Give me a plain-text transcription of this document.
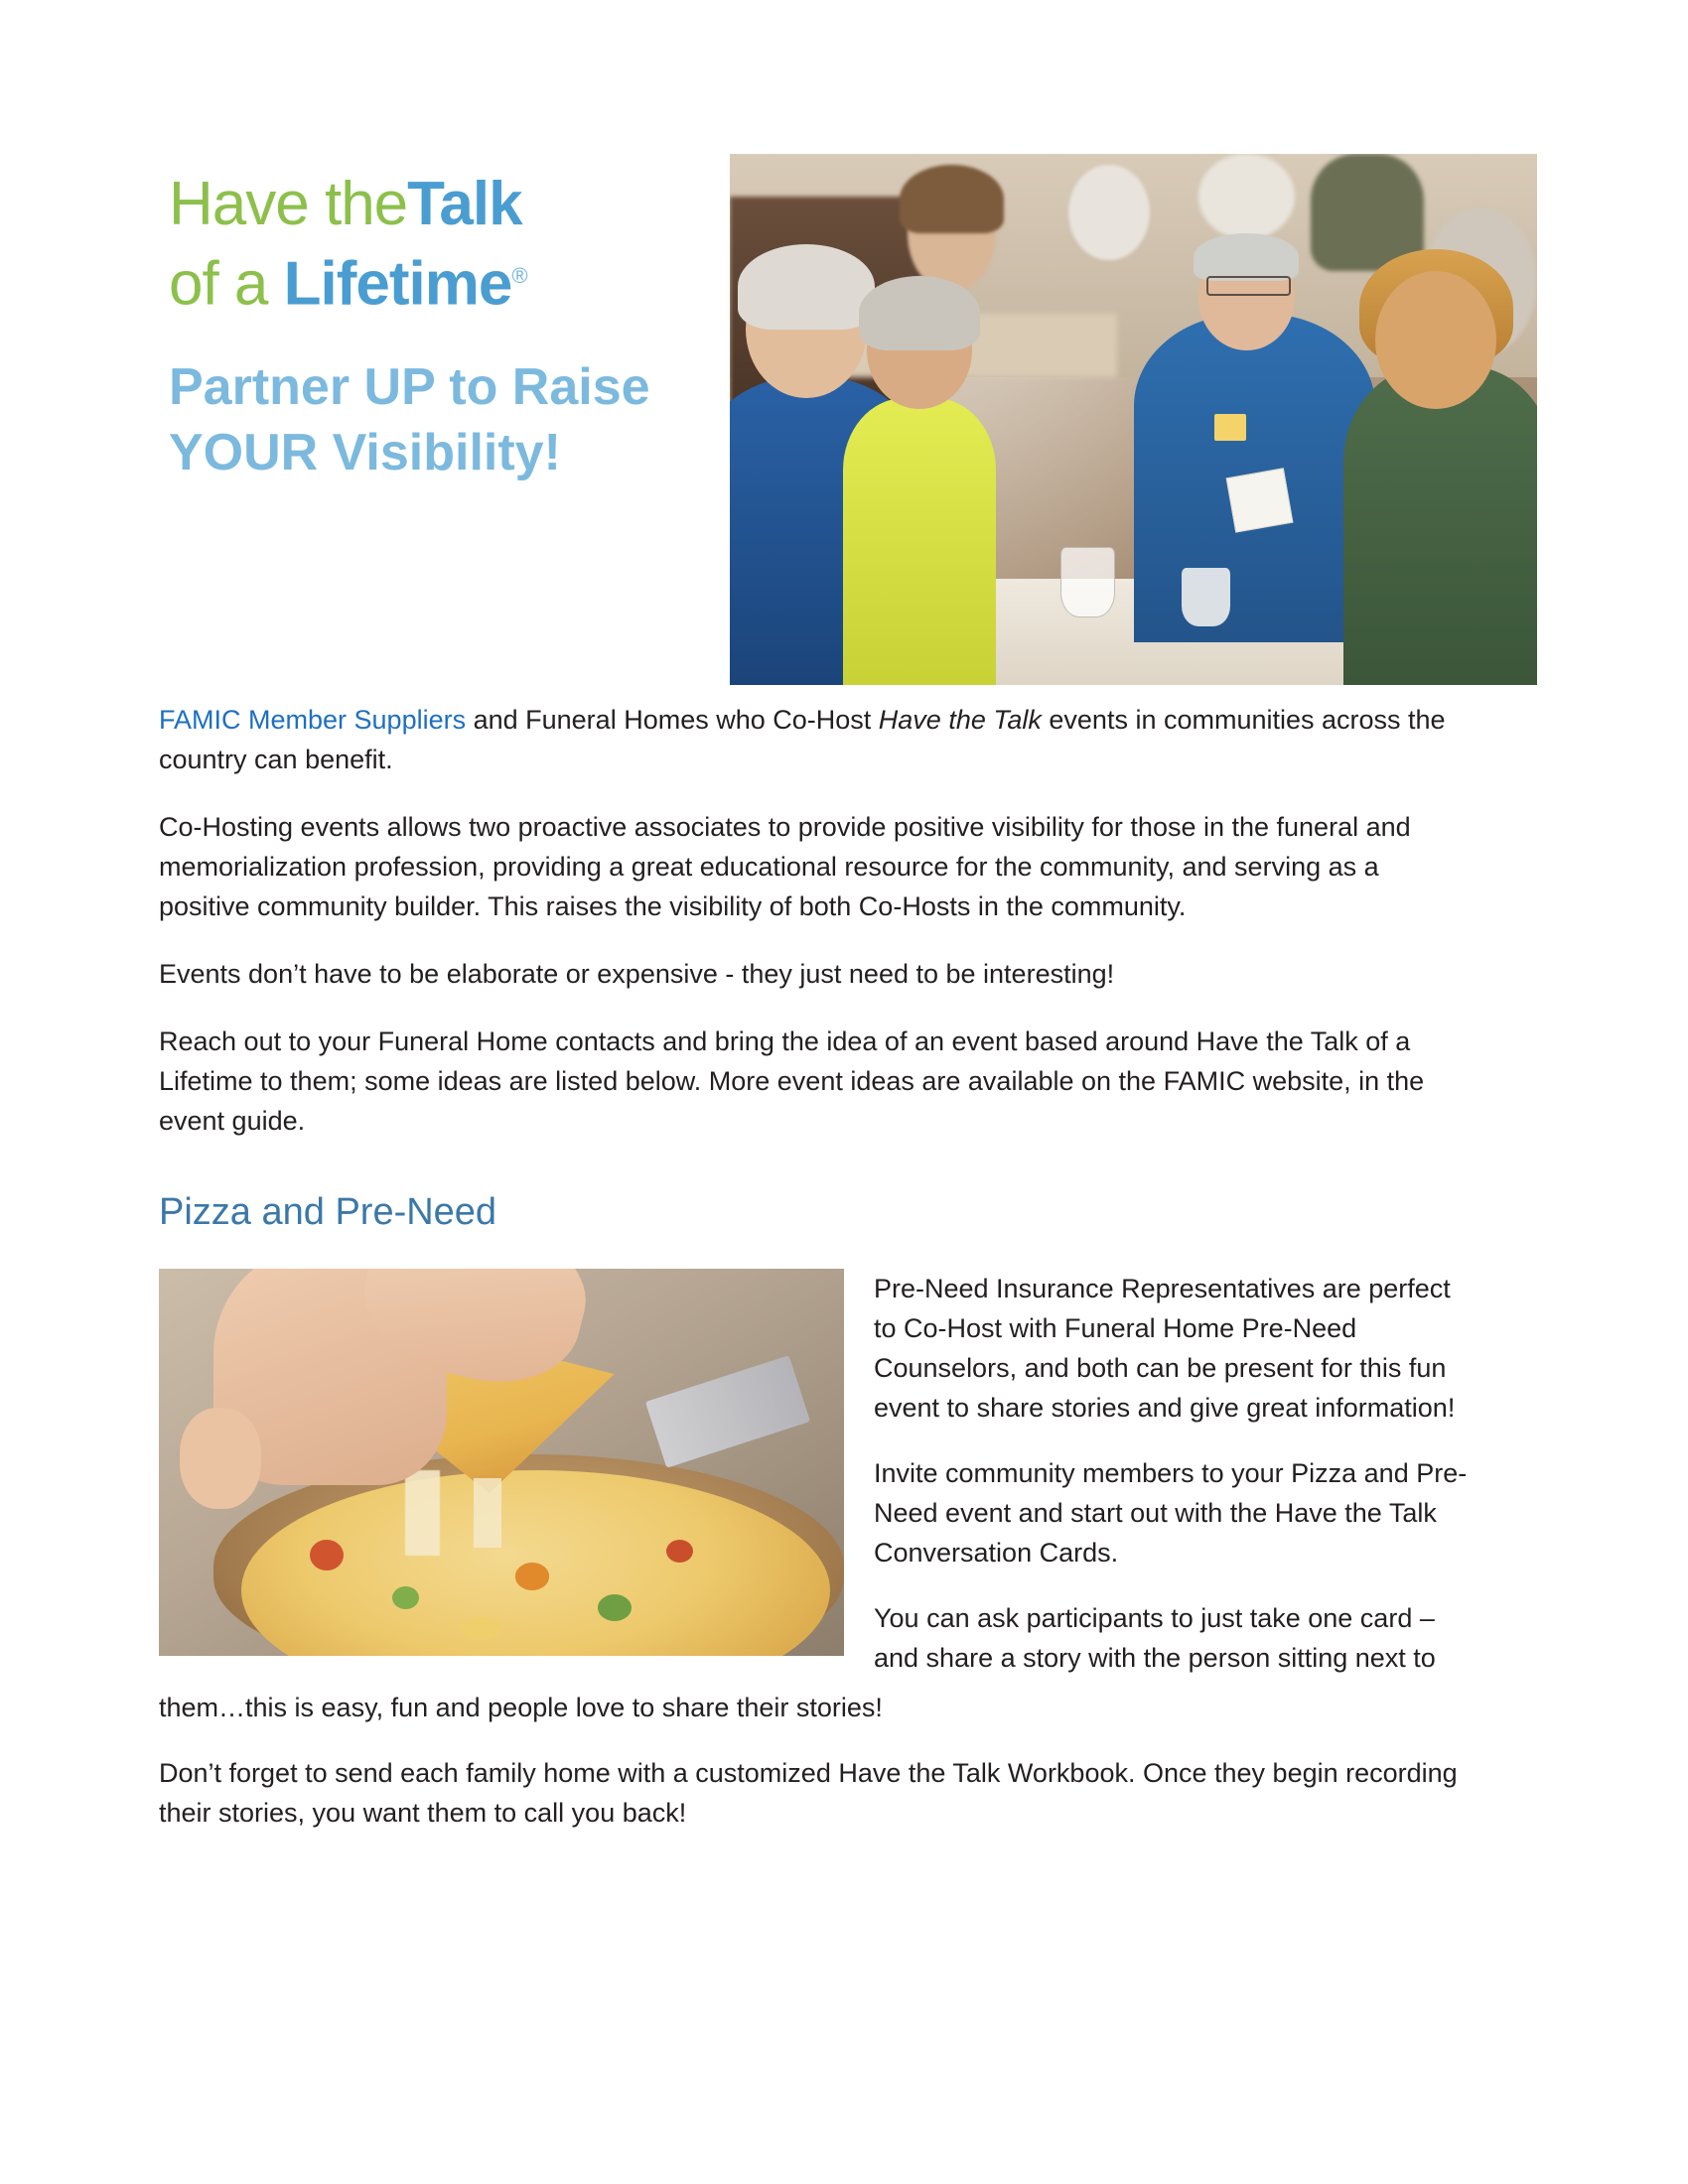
Have theTalk
of a Lifetime®
Partner UP to Raise
YOUR Visibility!

FAMIC Member Suppliers and Funeral Homes who Co-Host Have the Talk events in communities across the country can benefit.

Co-Hosting events allows two proactive associates to provide positive visibility for those in the funeral and memorialization profession, providing a great educational resource for the community, and serving as a positive community builder. This raises the visibility of both Co-Hosts in the community.

Events don’t have to be elaborate or expensive - they just need to be interesting!

Reach out to your Funeral Home contacts and bring the idea of an event based around Have the Talk of a Lifetime to them; some ideas are listed below. More event ideas are available on the FAMIC website, in the event guide.

Pizza and Pre-Need

Pre-Need Insurance Representatives are perfect to Co-Host with Funeral Home Pre-Need Counselors, and both can be present for this fun event to share stories and give great information!

Invite community members to your Pizza and Pre-Need event and start out with the Have the Talk Conversation Cards.

You can ask participants to just take one card – and share a story with the person sitting next to

them…this is easy, fun and people love to share their stories!

Don’t forget to send each family home with a customized Have the Talk Workbook. Once they begin recording their stories, you want them to call you back!
